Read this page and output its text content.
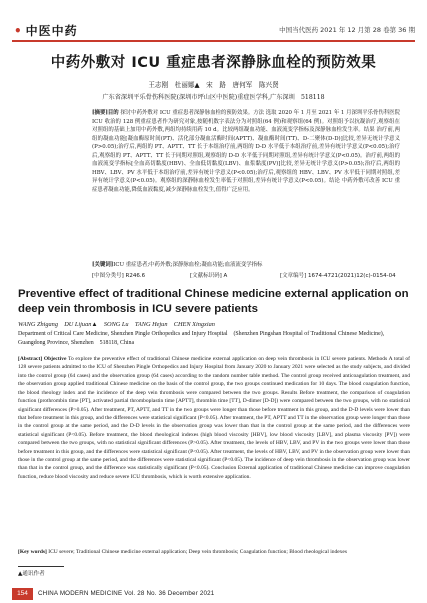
• 中医中药	中国当代医药 2021 年 12 月第 28 卷第 36 期
中药外敷对 ICU 重症患者深静脉血栓的预防效果
王志刚　杜丽娜▲　宋　路　唐何军　陈兴贤
广东省深圳平乐骨伤科医院(深圳市坪山区中医院)重症医学科,广东深圳　518118
[摘要]目的 探讨中药外敷对 ICU 重症患者深静脉血栓的预防效果。方法 选取 2020 年 1 月至 2021 年 1 月深圳平乐骨伤科医院 ICU 收治的 128 例重症患者作为研究对象,按随机数字表法分为对照组(64 例)和观察组(64 例)。对照组予以抗凝治疗,观察组在对照组的基础上加用中药外敷,两组均持续用药 10 d。比较两组凝血功能、血液流变学指标及深静脉血栓发生率。结果 治疗前,两组的凝血功能[凝血酶原时间(PT)、活化部分凝血活酶时间(APTT)、凝血酶时间(TT)、D-二聚体(D-D)]比较,差异无统计学意义(P>0.05);治疗后,两组的 PT、APTT、TT 长于本组治疗前,两组的 D-D 水平低于本组治疗前,差异有统计学意义(P<0.05);治疗后,观察组的 PT、APTT、TT 长于同期对照组,观察组的 D-D 水平低于同期对照组,差异有统计学意义(P<0.05)。治疗前,两组的血液流变学指标[全血高切黏度(HBV)、全血低切黏度(LBV)、血浆黏度(PV)]比较,差异无统计学意义(P>0.05);治疗后,两组的 HBV、LBV、PV 水平低于本组治疗前,差异有统计学意义(P<0.05);治疗后,观察组的 HBV、LBV、PV 水平低于同期对照组,差异有统计学意义(P<0.05)。观察组的深静脉血栓发生率低于对照组,差异有统计学意义(P<0.05)。结论 中药外敷可改善 ICU 重症患者凝血功能,降低血液黏度,减少深静脉血栓发生,值得广泛应用。
[关键词]ICU 重症患者;中药外敷;深静脉血栓;凝血功能;血液流变学指标
[中图分类号] R246.6	[文献标识码] A	[文章编号] 1674-4721(2021)12(c)-0154-04
Preventive effect of traditional Chinese medicine external application on deep vein thrombosis in ICU severe patients
WANG Zhigang　DU Lijuan▲　SONG Lu　TANG Hejun　CHEN Xingxian
Department of Critical Care Medicine, Shenzhen Pingle Orthopedics and Injury Hospital　(Shenzhen Pingshan Hospital of Traditional Chinese Medicine), Guangdong Province, Shenzhen　518118, China
[Abstract] Objective To explore the preventive effect of traditional Chinese medicine external application on deep vein thrombosis in ICU severe patients. Methods A total of 128 severe patients admitted to the ICU of Shenzhen Pingle Orthopedics and Injury Hospital from January 2020 to January 2021 were selected as the study subjects, and divided into the control group (64 cases) and the observation group (64 cases) according to the random number table method. The control group received anticoagulation treatment, and the observation group applied traditional Chinese medicine on the basis of the control group, the two groups continued medication for 10 days. The blood coagulation function, the blood rheology index and the incidence of the deep vein thrombosis were compared between the two groups. Results Before treatment, the comparison of coagulation function (prothrombin time [PT], activated partial thromboplastin time [APTT], thrombin time [TT], D-dimer [D-D]) were compared between the two groups, with no statistical significant differences (P>0.05). After treatment, PT, APTT, and TT in the two groups were longer than those before treatment in this group, and the D-D levels were lower than that before treatment in this group, and the differences were statistical significant (P<0.05). After treatment, the PT, APTT and TT in the observation group were longer than those in the control group at the same period, and the D-D levels in the observation group was lower than that in the control group at the same period, and the differences were statistical significant (P<0.05). Before treatment, the blood rheological indexes (high blood viscosity [HBV], low blood viscosity [LBV], and plasma viscosity [PV]) were compared between the two groups, with no statistical significant differences (P>0.05). After treatment, the levels of HBV, LBV, and PV in the two groups were lower than those before treatment in this group, and the differences were statistical significant (P<0.05). After treatment, the levels of HBV, LBV, and PV in the observation group were lower than those in the control group at the same period, and the differences were statistical significant (P<0.05). The incidence of deep vein thrombosis in the observation group was lower than that in the control group, and the difference was statistically significant (P<0.05). Conclusion External application of traditional Chinese medicine can improve coagulation function, reduce blood viscosity and reduce severe ICU thrombosis, which is worth extensive application.
[Key words] ICU severe; Traditional Chinese medicine external application; Deep vein thrombosis; Coagulation function; Blood rheological indexes
▲通讯作者
154	CHINA MODERN MEDICINE Vol. 28 No. 36 December 2021
